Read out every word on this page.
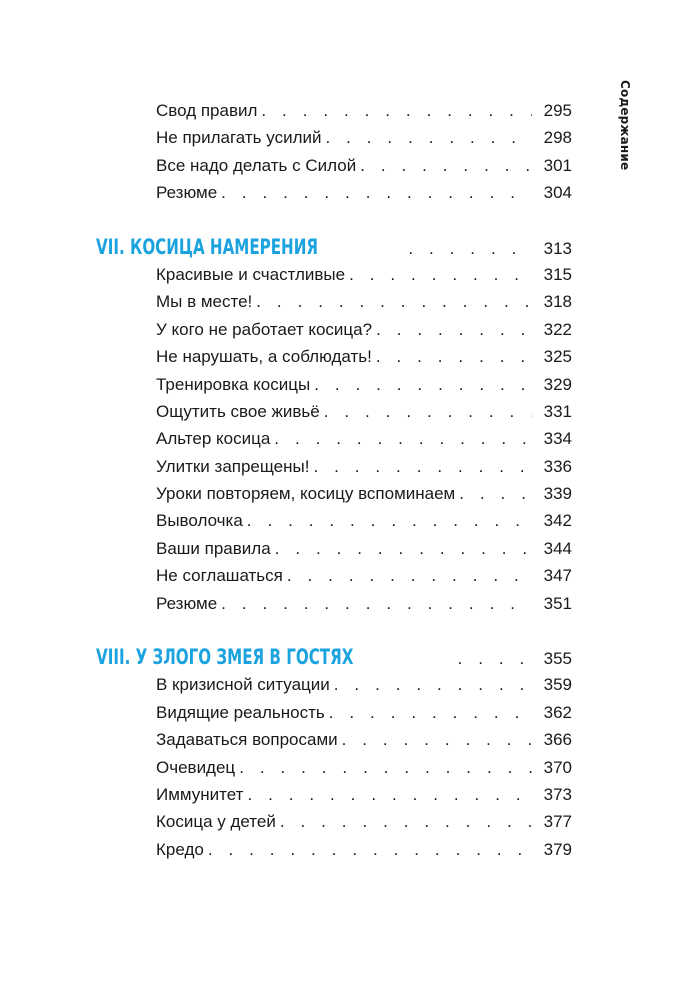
Содержание
Свод правил . . .	295
Не прилагать усилий . . .	298
Все надо делать с Силой . . .	301
Резюме . . .	304
VII. КОСИЦА НАМЕРЕНИЯ . . .	313
Красивые и счастливые . . .	315
Мы в месте! . . .	318
У кого не работает косица? . . .	322
Не нарушать, а соблюдать! . . .	325
Тренировка косицы . . .	329
Ощутить свое живьё . . .	331
Альтер косица . . .	334
Улитки запрещены! . . .	336
Уроки повторяем, косицу вспоминаем . . .	339
Выволочка . . .	342
Ваши правила . . .	344
Не соглашаться . . .	347
Резюме . . .	351
VIII. У ЗЛОГО ЗМЕЯ В ГОСТЯХ . . .	355
В кризисной ситуации . . .	359
Видящие реальность . . .	362
Задаваться вопросами . . .	366
Очевидец . . .	370
Иммунитет . . .	373
Косица у детей . . .	377
Кредо . . .	379
